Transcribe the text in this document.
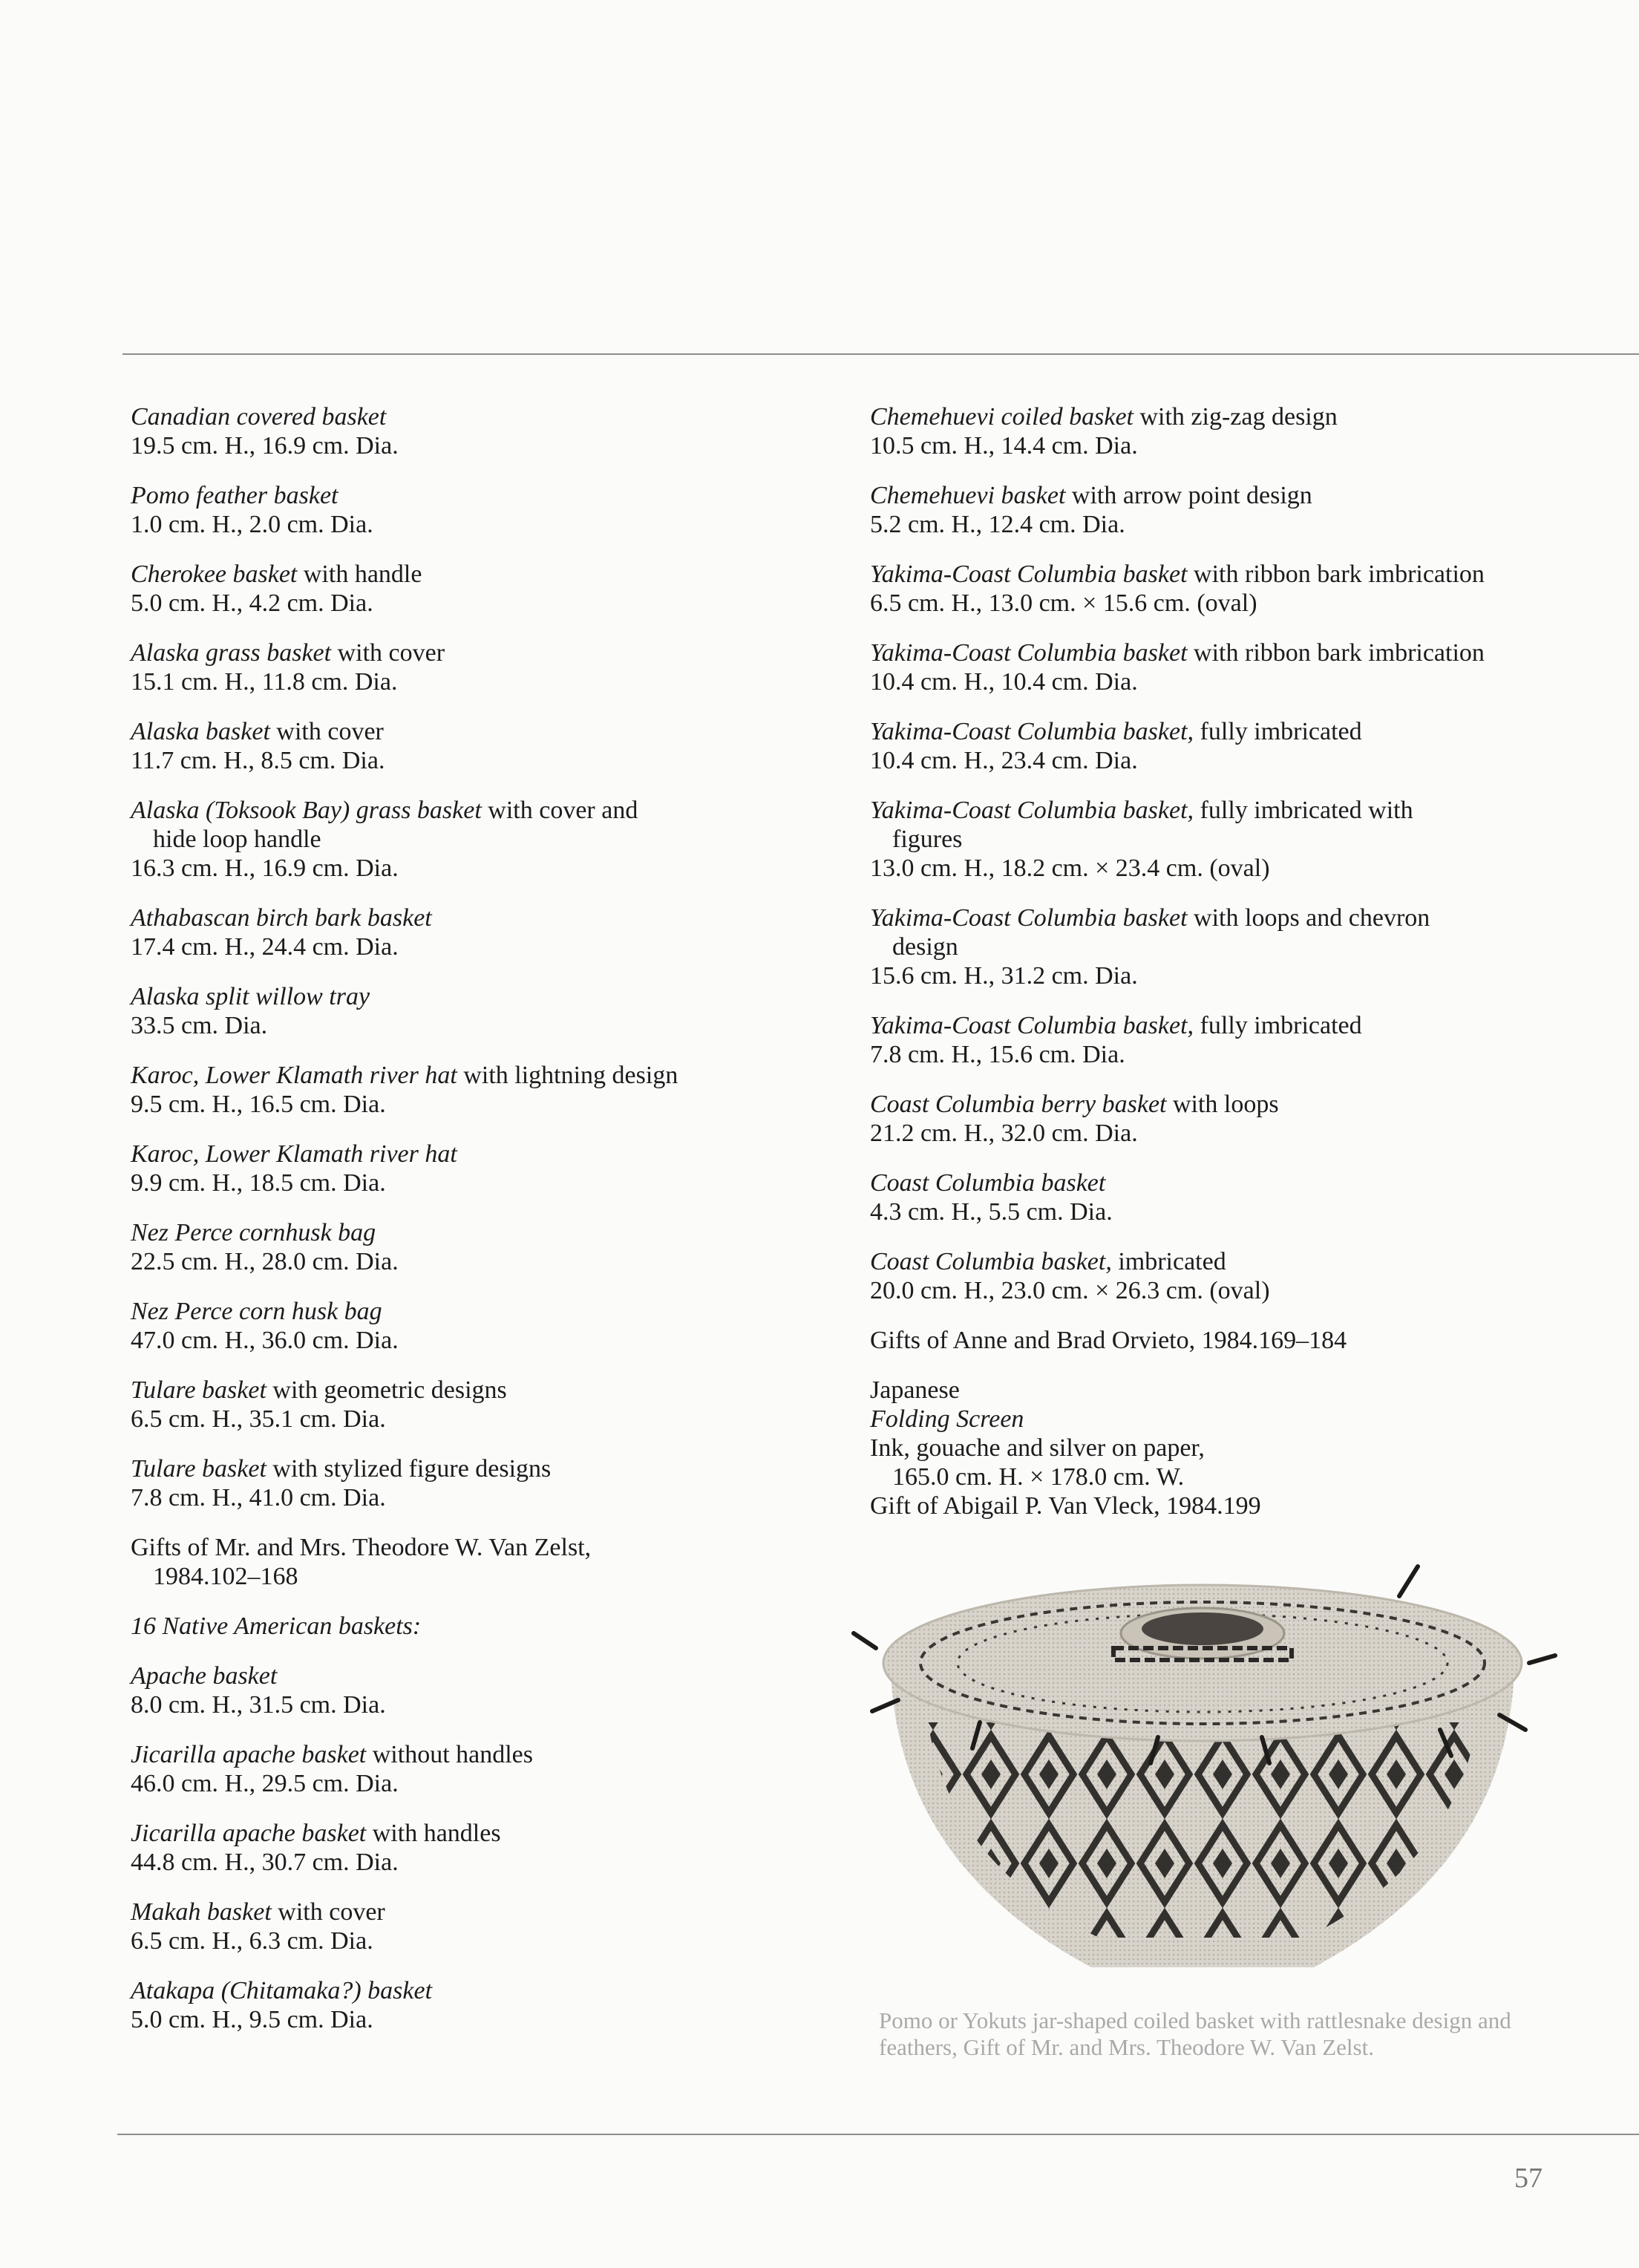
Canadian covered basket

19.5 cm. H., 16.9 cm. Dia.

Pomo feather basket

1.0 cm. H., 2.0 cm. Dia.

Cherokee basket with handle

5.0 cm. H., 4.2 cm. Dia.

Alaska grass basket with cover

15.1 cm. H., 11.8 cm. Dia.

Alaska basket with cover

11.7 cm. H., 8.5 cm. Dia.

Alaska (Toksook Bay) grass basket with cover and

hide loop handle

16.3 cm. H., 16.9 cm. Dia.

Athabascan birch bark basket

17.4 cm. H., 24.4 cm. Dia.

Alaska split willow tray

33.5 cm. Dia.

Karoc, Lower Klamath river hat with lightning design

9.5 cm. H., 16.5 cm. Dia.

Karoc, Lower Klamath river hat

9.9 cm. H., 18.5 cm. Dia.

Nez Perce cornhusk bag

22.5 cm. H., 28.0 cm. Dia.

Nez Perce corn husk bag

47.0 cm. H., 36.0 cm. Dia.

Tulare basket with geometric designs

6.5 cm. H., 35.1 cm. Dia.

Tulare basket with stylized figure designs

7.8 cm. H., 41.0 cm. Dia.

Gifts of Mr. and Mrs. Theodore W. Van Zelst,

1984.102–168

16 Native American baskets:

Apache basket

8.0 cm. H., 31.5 cm. Dia.

Jicarilla apache basket without handles

46.0 cm. H., 29.5 cm. Dia.

Jicarilla apache basket with handles

44.8 cm. H., 30.7 cm. Dia.

Makah basket with cover

6.5 cm. H., 6.3 cm. Dia.

Atakapa (Chitamaka?) basket

5.0 cm. H., 9.5 cm. Dia.

Chemehuevi coiled basket with zig-zag design

10.5 cm. H., 14.4 cm. Dia.

Chemehuevi basket with arrow point design

5.2 cm. H., 12.4 cm. Dia.

Yakima-Coast Columbia basket with ribbon bark imbrication

6.5 cm. H., 13.0 cm. × 15.6 cm. (oval)

Yakima-Coast Columbia basket with ribbon bark imbrication

10.4 cm. H., 10.4 cm. Dia.

Yakima-Coast Columbia basket, fully imbricated

10.4 cm. H., 23.4 cm. Dia.

Yakima-Coast Columbia basket, fully imbricated with

figures

13.0 cm. H., 18.2 cm. × 23.4 cm. (oval)

Yakima-Coast Columbia basket with loops and chevron

design

15.6 cm. H., 31.2 cm. Dia.

Yakima-Coast Columbia basket, fully imbricated

7.8 cm. H., 15.6 cm. Dia.

Coast Columbia berry basket with loops

21.2 cm. H., 32.0 cm. Dia.

Coast Columbia basket

4.3 cm. H., 5.5 cm. Dia.

Coast Columbia basket, imbricated

20.0 cm. H., 23.0 cm. × 26.3 cm. (oval)

Gifts of Anne and Brad Orvieto, 1984.169–184

Japanese

Folding Screen

Ink, gouache and silver on paper,

165.0 cm. H. × 178.0 cm. W.

Gift of Abigail P. Van Vleck, 1984.199

Pomo or Yokuts jar-shaped coiled basket with rattlesnake design and feathers, Gift of Mr. and Mrs. Theodore W. Van Zelst.
57
